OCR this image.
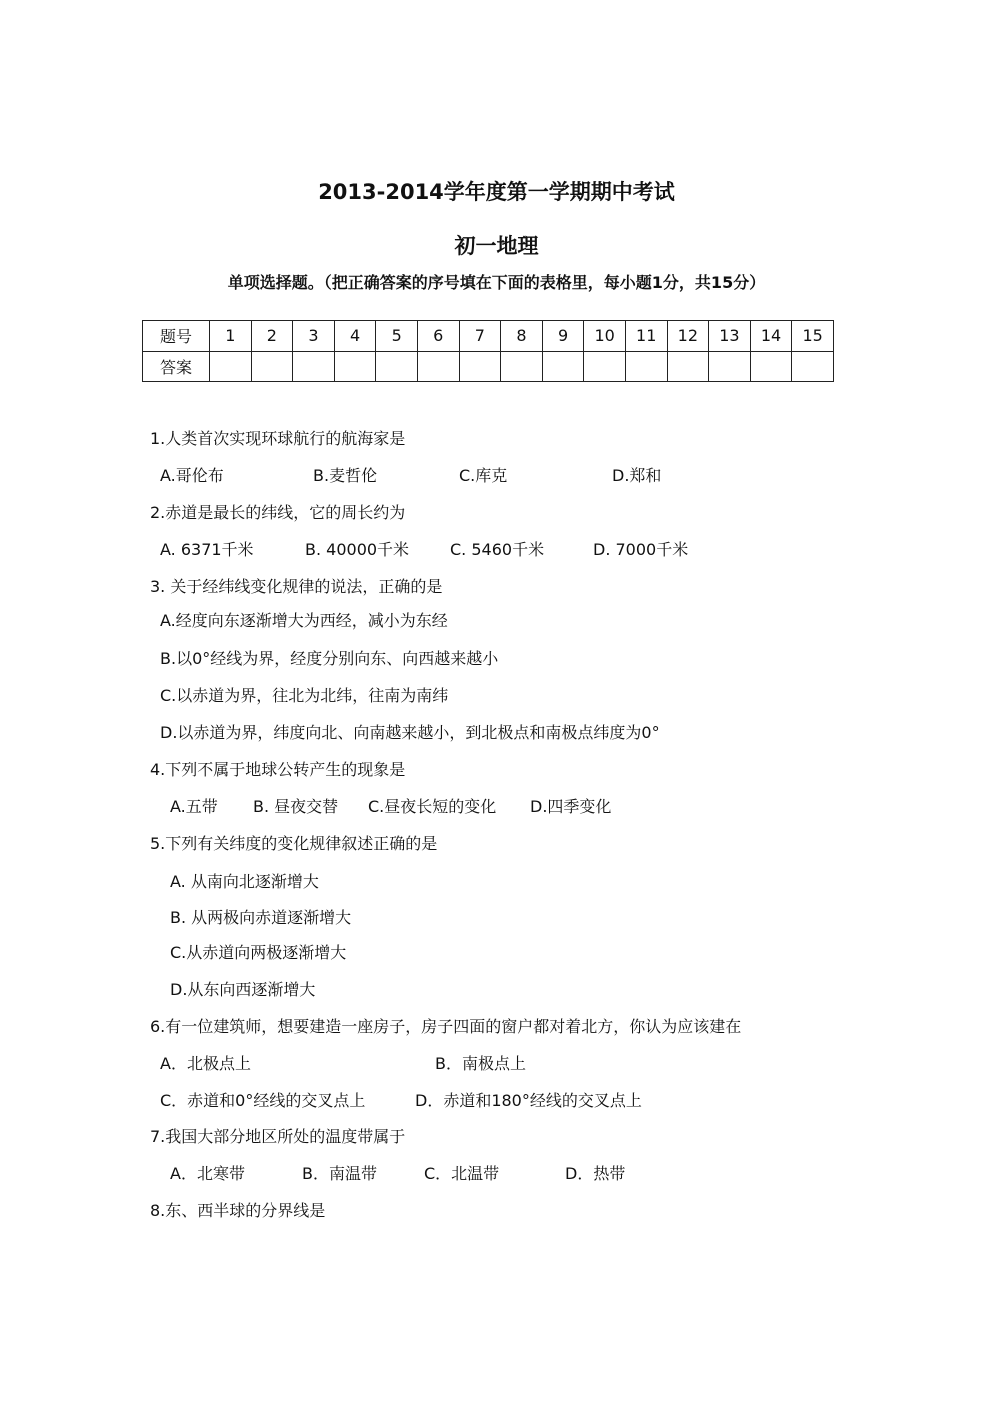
2013-2014学年度第一学期期中考试
初一地理
单项选择题。（把正确答案的序号填在下面的表格里，每小题1分，共15分）
题号	1	2	3	4	5	6	7	8	9	10	11	12	13	14	15
答案															
1.人类首次实现环球航行的航海家是
A.哥伦布	B.麦哲伦	C.库克	D.郑和
2.赤道是最长的纬线，它的周长约为
A. 6371千米	B. 40000千米	C. 5460千米	D. 7000千米
3. 关于经纬线变化规律的说法，正确的是
A.经度向东逐渐增大为西经，减小为东经
B.以0°经线为界，经度分别向东、向西越来越小
C.以赤道为界，往北为北纬，往南为南纬
D.以赤道为界，纬度向北、向南越来越小，到北极点和南极点纬度为0°
4.下列不属于地球公转产生的现象是
A.五带 B. 昼夜交替 C.昼夜长短的变化 D.四季变化
5.下列有关纬度的变化规律叙述正确的是
A. 从南向北逐渐增大
B. 从两极向赤道逐渐增大
C.从赤道向两极逐渐增大
D.从东向西逐渐增大
6.有一位建筑师，想要建造一座房子，房子四面的窗户都对着北方，你认为应该建在
A．北极点上	B．南极点上
C．赤道和0°经线的交叉点上	D．赤道和180°经线的交叉点上
7.我国大部分地区所处的温度带属于
A．北寒带	B．南温带	C．北温带	D．热带
8.东、西半球的分界线是
